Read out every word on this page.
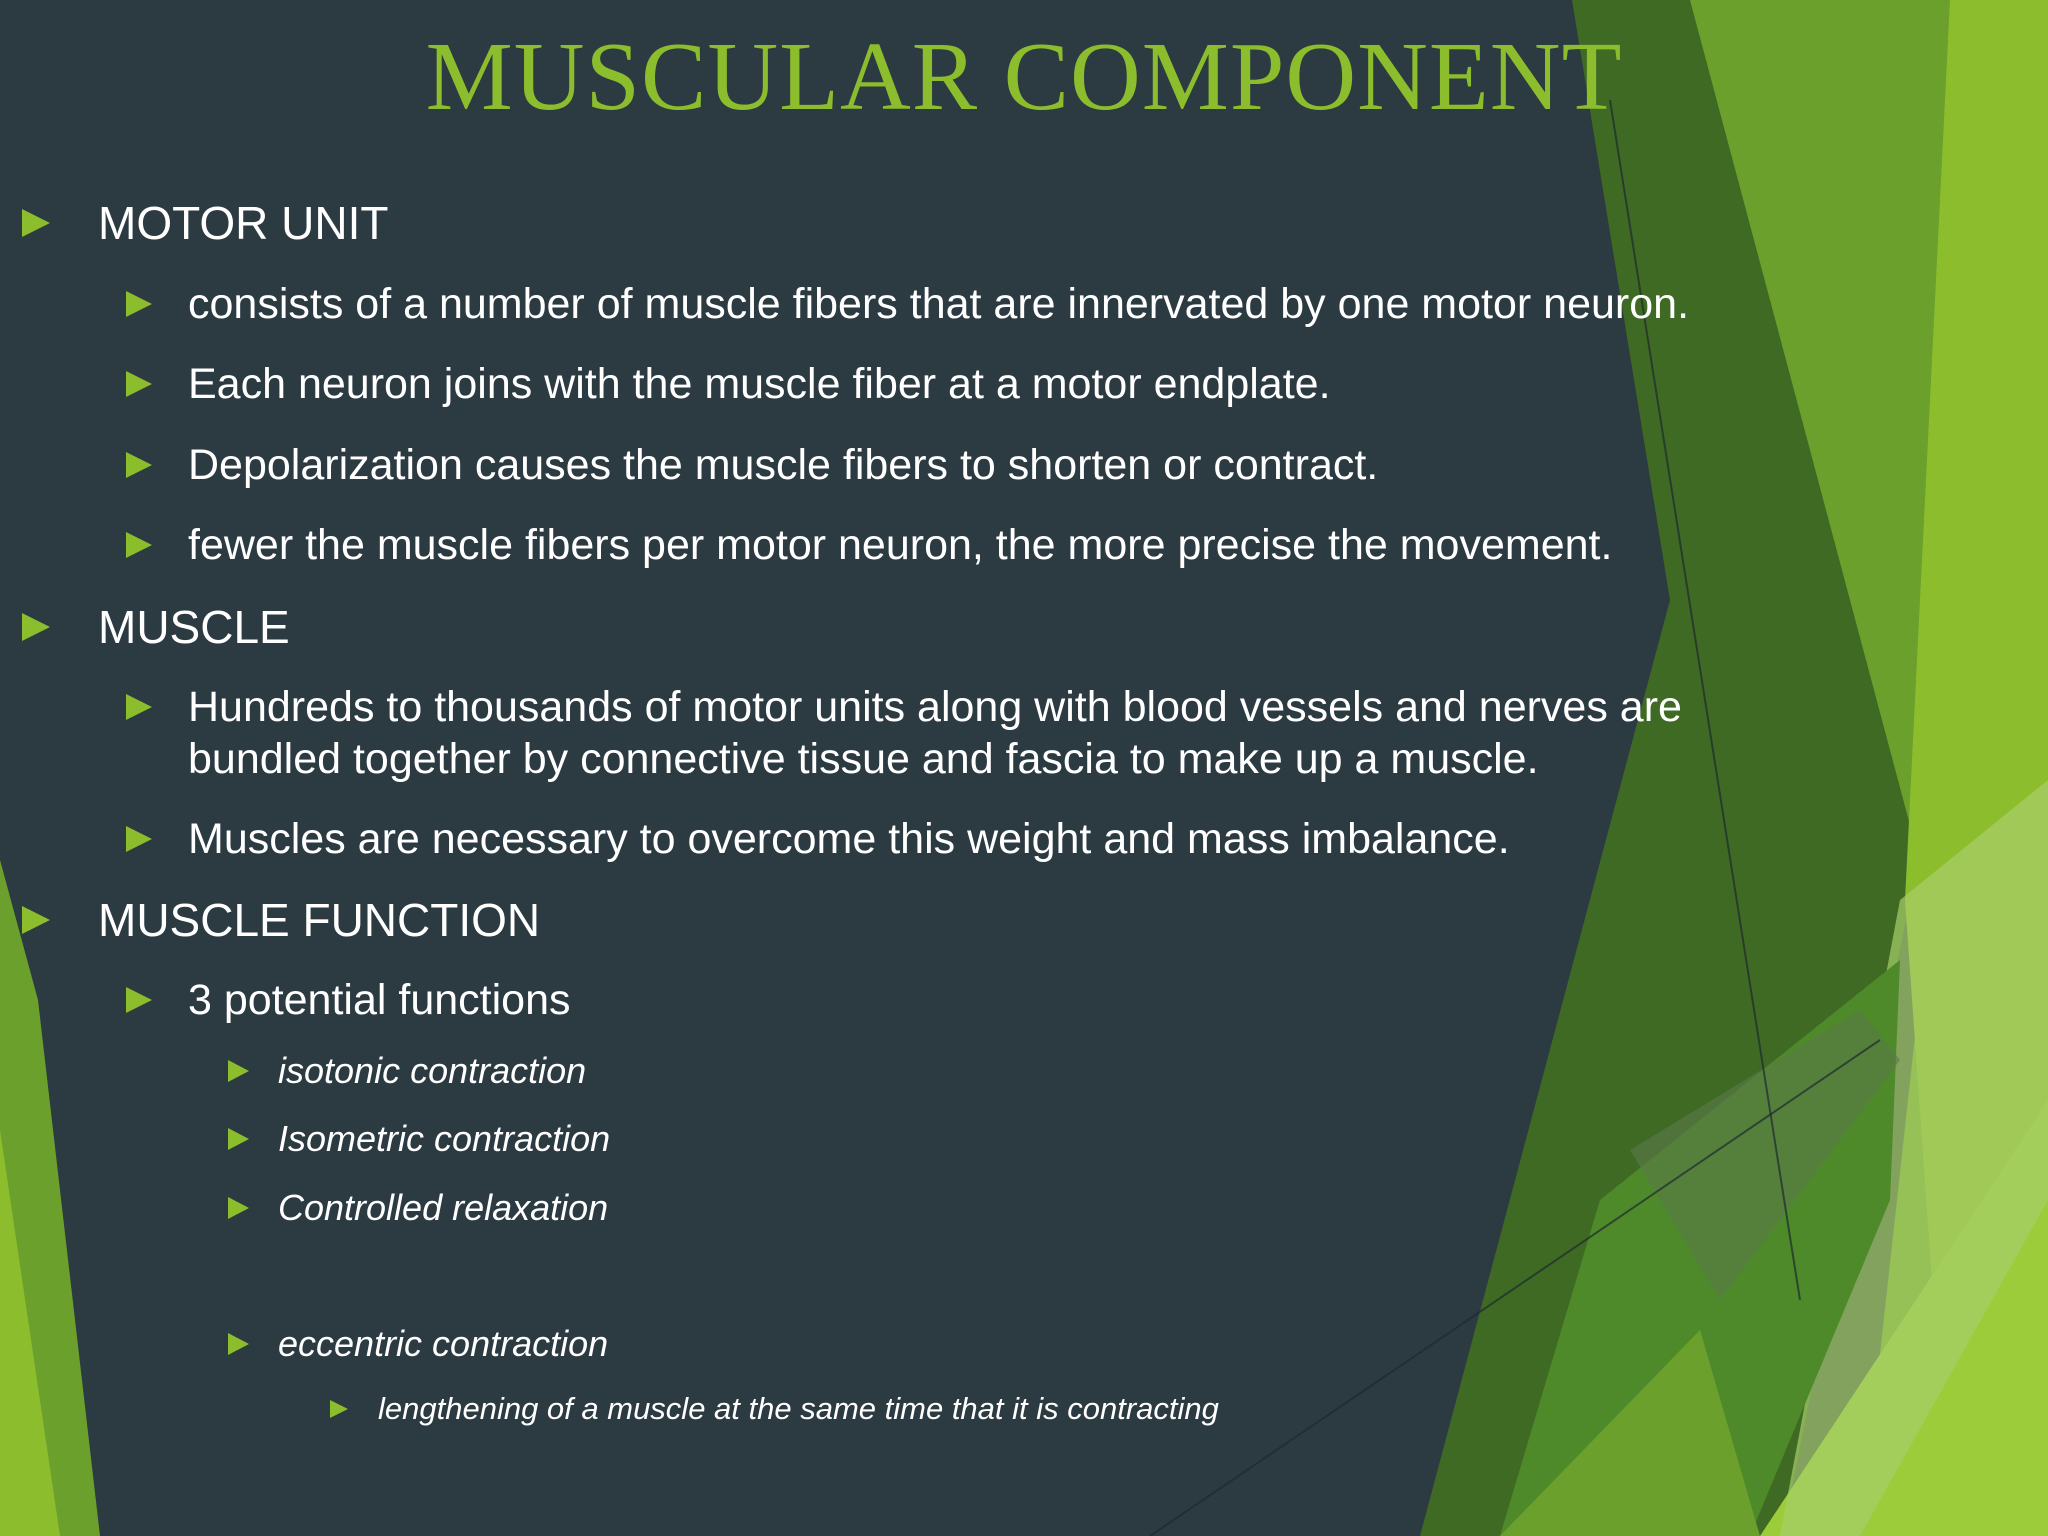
MUSCULAR COMPONENT
MOTOR UNIT
consists of a number of muscle fibers that are innervated by one motor neuron.
Each neuron joins with the muscle fiber at a motor endplate.
Depolarization causes the muscle fibers to shorten or contract.
fewer the muscle fibers per motor neuron, the more precise the movement.
MUSCLE
Hundreds to thousands of motor units along with blood vessels and nerves are
bundled together by connective tissue and fascia to make up a muscle.
Muscles are necessary to overcome this weight and mass imbalance.
MUSCLE FUNCTION
3 potential functions
isotonic contraction
Isometric contraction
Controlled relaxation
eccentric contraction
lengthening of a muscle at the same time that it is contracting
